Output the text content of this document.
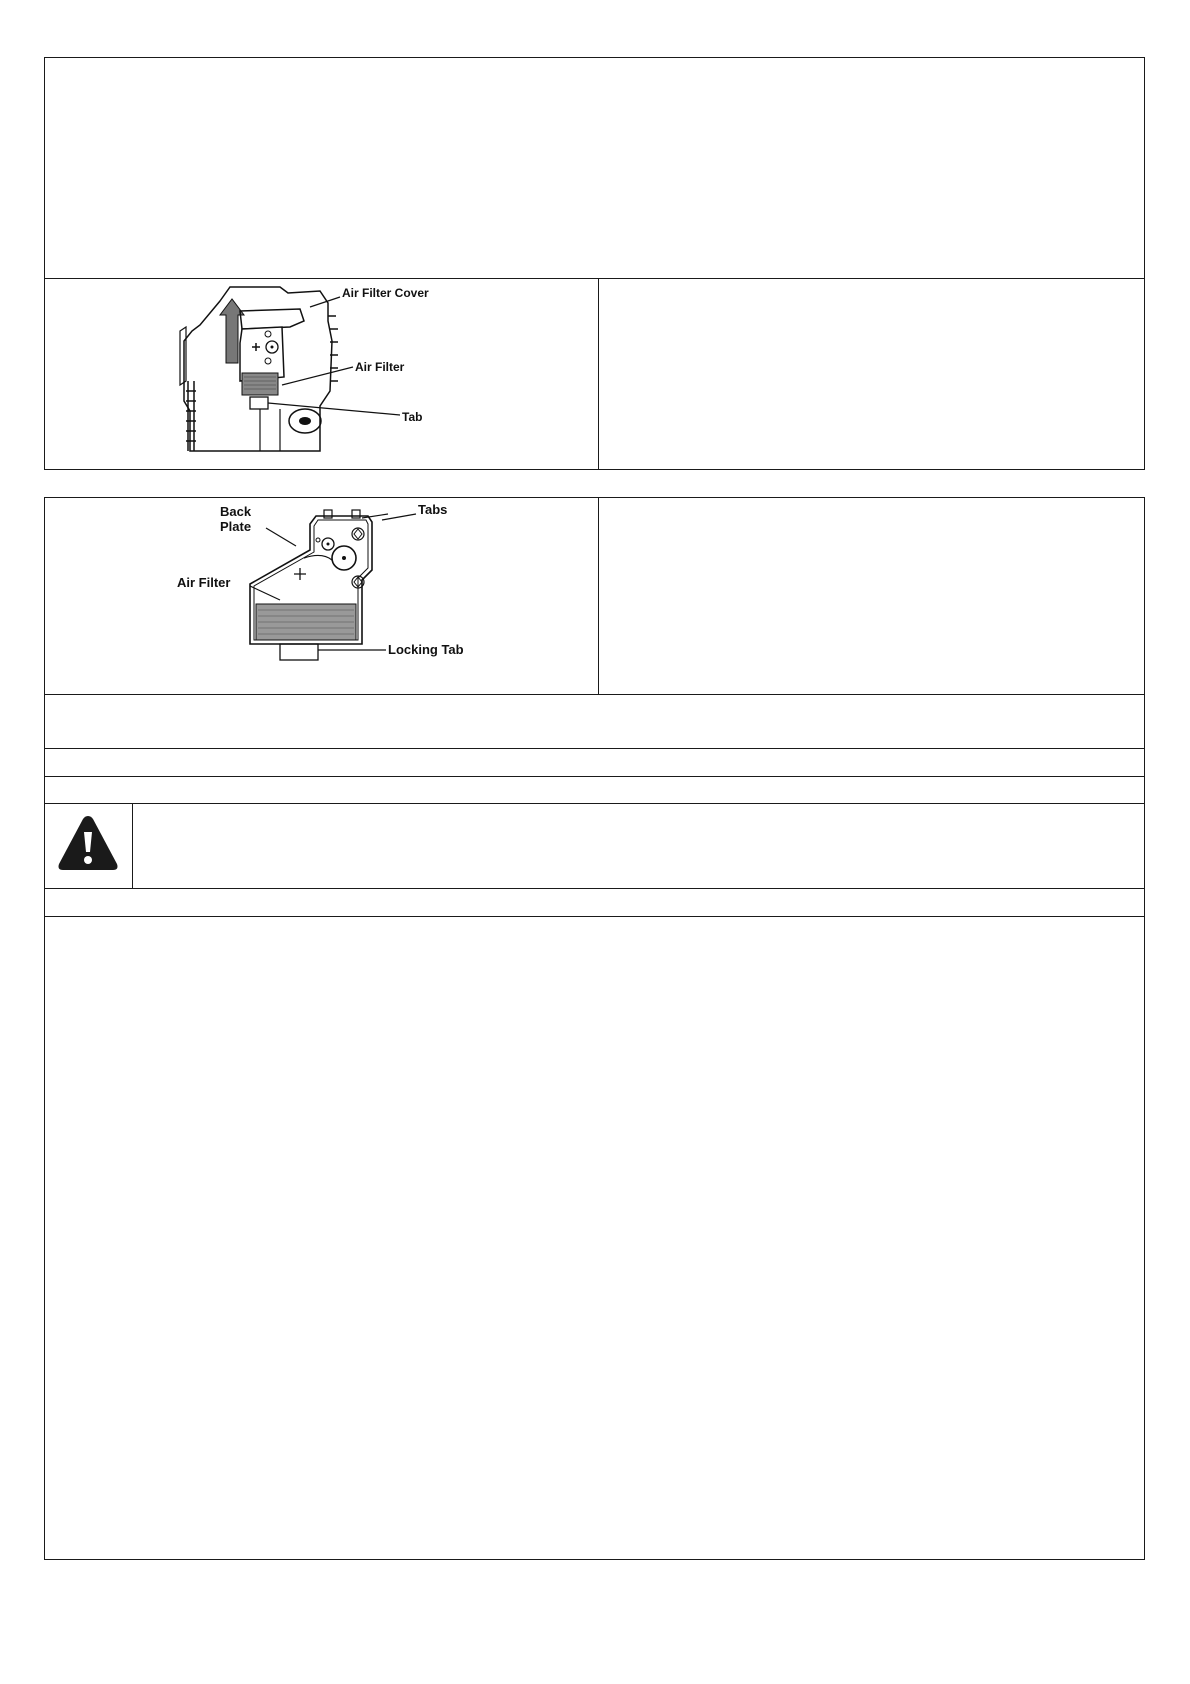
Air Filter Cover
Air Filter
Tab
Back
Plate
Tabs
Air Filter
Locking Tab
